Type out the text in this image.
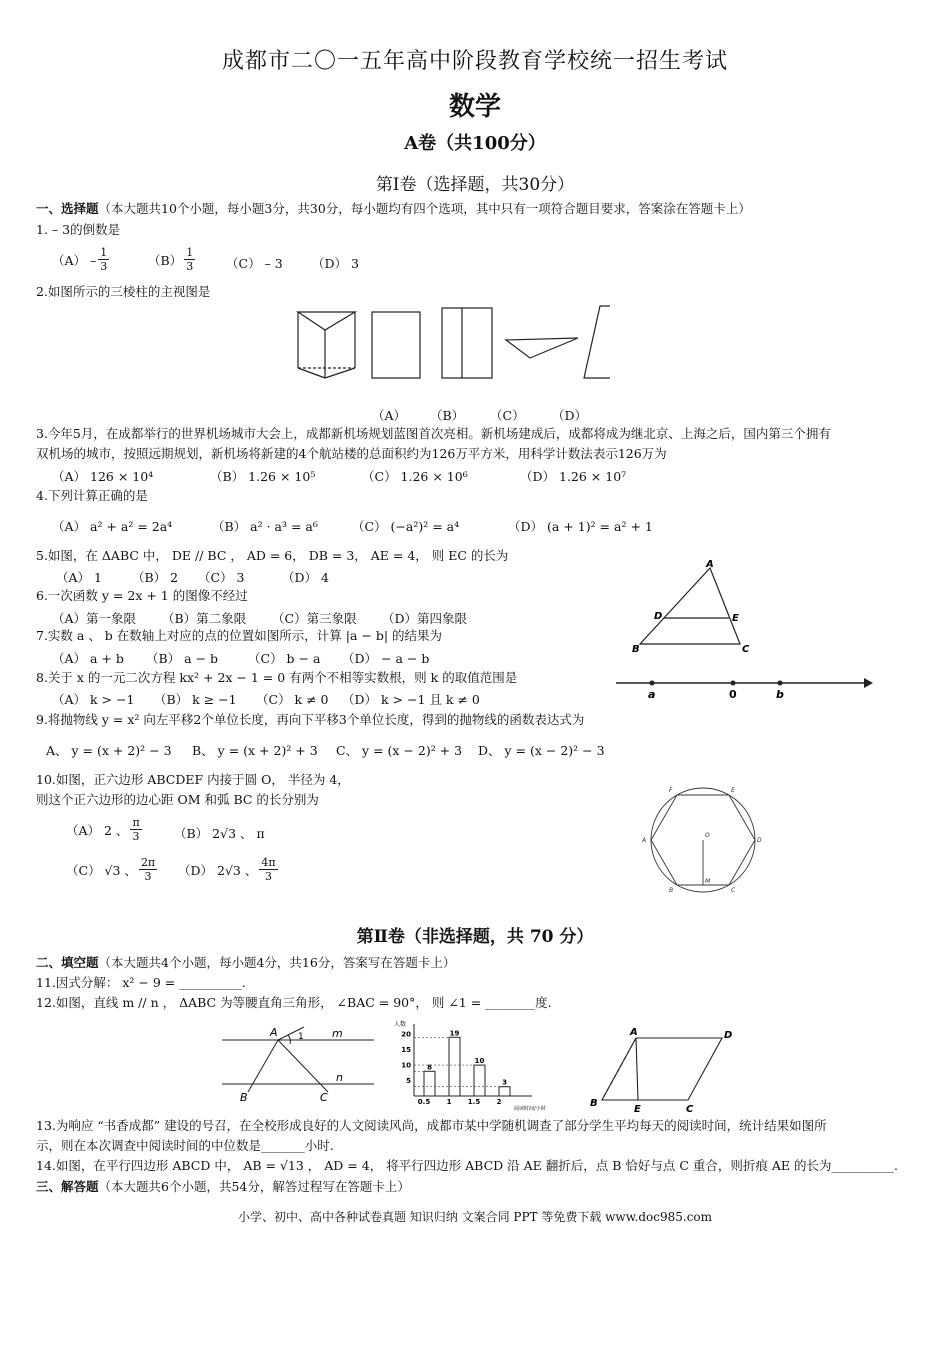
成都市二〇一五年高中阶段教育学校统一招生考试
数学
A卷（共100分）
第Ⅰ卷（选择题，共30分）
一、选择题（本大题共10个小题，每小题3分，共30分，每小题均有四个选项，其中只有一项符合题目要求，答案涂在答题卡上）
1. – 3的倒数是
$(A) - \frac{1}{3}$	$(B) \frac{1}{3} (C) - 3$ （D） 3
2.如图所示的三棱柱的主视图是
（A） （B） （C） （D）
3.今年5月，在成都举行的世界机场城市大会上，成都新机场规划蓝图首次亮相。新机场建成后，成都将成为继北京、上海之后，国内第三个拥有
双机场的城市，按照远期规划，新机场将新建的4个航站楼的总面积约为126万平方米，用科学计数法表示126万为
（A） 126 × 10⁴	（B） 1.26 × 10⁵	（C） 1.26 × 10⁶	（D） 1.26 × 10⁷
4.下列计算正确的是
（A） a² + a² = 2a⁴	（B） a² · a³ = a⁶	（C） (−a²)² = a⁴	（D） (a + 1)² = a² + 1
5.如图，在 ΔABC 中， DE // BC ， AD = 6， DB = 3， AE = 4， 则 EC 的长为
（A） 1 （B） 2 （C） 3	（D） 4
A
D	E
B	C
6.一次函数 y = 2x + 1 的图像不经过
（A）第一象限 （B）第二象限 （C）第三象限 （D）第四象限
7.实数 a 、 b 在数轴上对应的点的位置如图所示，计算 |a − b| 的结果为
（A） a + b （B） a − b （C） b − a （D） − a − b
a	0	b
8.关于 x 的一元二次方程 kx² + 2x − 1 = 0 有两个不相等实数根，则 k 的取值范围是
（A） k > −1 （B） k ≥ −1 （C） k ≠ 0 （D） k > −1 且 k ≠ 0
9.将抛物线 y = x² 向左平移2个单位长度，再向下平移3个单位长度，得到的抛物线的函数表达式为
A、 y = (x + 2)² − 3 B、 y = (x + 2)² + 3 C、 y = (x − 2)² + 3 D、 y = (x − 2)² − 3
10.如图，正六边形 ABCDEF 内接于圆 O， 半径为 4，
则这个正六边形的边心距 OM 和弧 BC 的长分别为
（A） 2 、 $\frac{\pi}{3}$	（B） 2√3 、 π
（C） √3 、 $\frac{2\pi}{3} (D)$ 2√3 、 $\frac{4\pi}{3}$
F	E
A	D
B	C
O
M
第Ⅱ卷（非选择题，共 70 分）
二、填空题（本大题共4个小题，每小题4分，共16分，答案写在答题卡上）
11.因式分解： x² − 9 = __________.
12.如图，直线 m // n ， ΔABC 为等腰直角三角形， ∠BAC = 90°， 则 ∠1 = ________度.
A 1	m
n
B	C
5
10
15
20
8
0.5
19
1
10
1.5
3
2
人数
阅读时间/小时
A	D
B
E	C
13.为响应 “书香成都” 建设的号召，在全校形成良好的人文阅读风尚，成都市某中学随机调查了部分学生平均每天的阅读时间，统计结果如图所
示，则在本次调查中阅读时间的中位数是_______小时.
14.如图，在平行四边形 ABCD 中， AB = √13 ， AD = 4， 将平行四边形 ABCD 沿 AE 翻折后，点 B 恰好与点 C 重合，则折痕 AE 的长为__________.
三、解答题（本大题共6个小题，共54分，解答过程写在答题卡上）
小学、初中、高中各种试卷真题 知识归纳 文案合同 PPT 等免费下载 www.doc985.com
